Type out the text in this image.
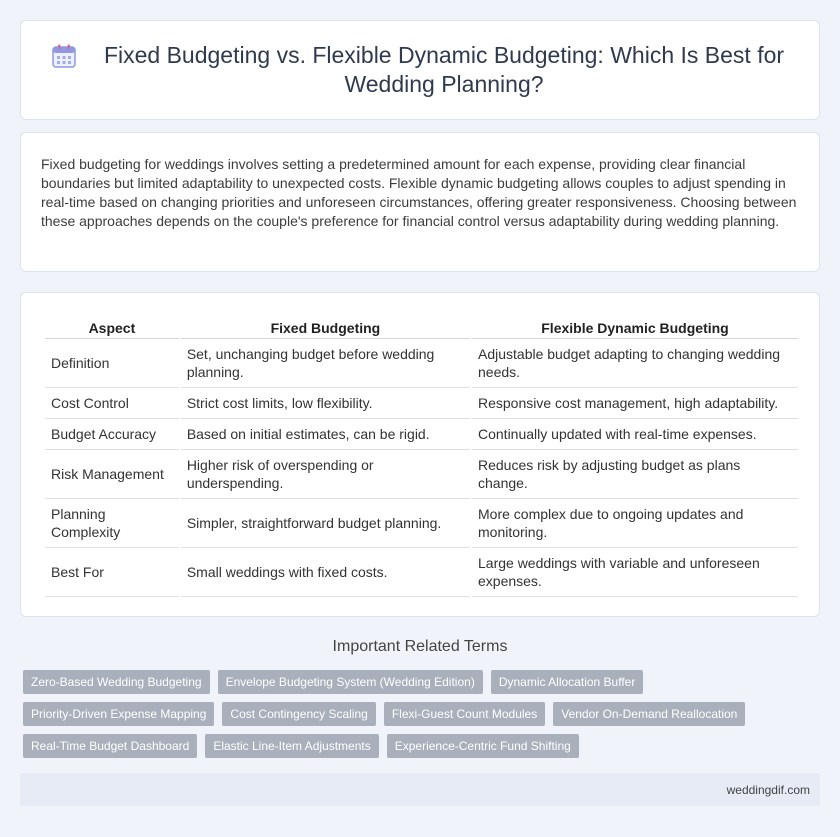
Fixed Budgeting vs. Flexible Dynamic Budgeting: Which Is Best for Wedding Planning?

Fixed budgeting for weddings involves setting a predetermined amount for each expense, providing clear financial boundaries but limited adaptability to unexpected costs. Flexible dynamic budgeting allows couples to adjust spending in real-time based on changing priorities and unforeseen circumstances, offering greater responsiveness. Choosing between these approaches depends on the couple's preference for financial control versus adaptability during wedding planning.

Aspect	Fixed Budgeting	Flexible Dynamic Budgeting
Definition	Set, unchanging budget before wedding planning.	Adjustable budget adapting to changing wedding needs.
Cost Control	Strict cost limits, low flexibility.	Responsive cost management, high adaptability.
Budget Accuracy	Based on initial estimates, can be rigid.	Continually updated with real-time expenses.
Risk Management	Higher risk of overspending or underspending.	Reduces risk by adjusting budget as plans change.
Planning Complexity	Simpler, straightforward budget planning.	More complex due to ongoing updates and monitoring.
Best For	Small weddings with fixed costs.	Large weddings with variable and unforeseen expenses.
Important Related Terms
Zero-Based Wedding Budgeting	Envelope Budgeting System (Wedding Edition)	Dynamic Allocation Buffer
Priority-Driven Expense Mapping	Cost Contingency Scaling	Flexi-Guest Count Modules	Vendor On-Demand Reallocation
Real-Time Budget Dashboard	Elastic Line-Item Adjustments	Experience-Centric Fund Shifting
weddingdif.com
